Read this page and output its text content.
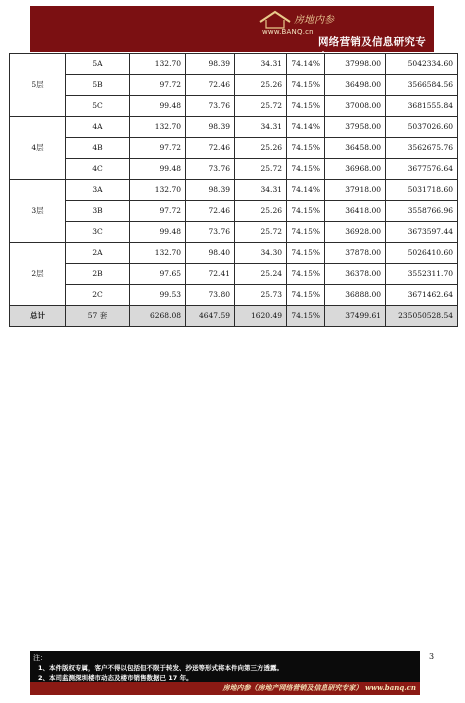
房地内参
www.BANQ.cn
网络营销及信息研究专家
5层	5A	132.70	98.39	34.31	74.14%	37998.00	5042334.60
	5B	97.72	72.46	25.26	74.15%	36498.00	3566584.56
	5C	99.48	73.76	25.72	74.15%	37008.00	3681555.84
4层	4A	132.70	98.39	34.31	74.14%	37958.00	5037026.60
	4B	97.72	72.46	25.26	74.15%	36458.00	3562675.76
	4C	99.48	73.76	25.72	74.15%	36968.00	3677576.64
3层	3A	132.70	98.39	34.31	74.14%	37918.00	5031718.60
	3B	97.72	72.46	25.26	74.15%	36418.00	3558766.96
	3C	99.48	73.76	25.72	74.15%	36928.00	3673597.44
2层	2A	132.70	98.40	34.30	74.15%	37878.00	5026410.60
	2B	97.65	72.41	25.24	74.15%	36378.00	3552311.70
	2C	99.53	73.80	25.73	74.15%	36888.00	3671462.64
总计	57 套	6268.08	4647.59	1620.49	74.15%	37499.61	235050528.54
3
注：
1、本件版权专属，客户不得以包括但不限于转发、抄送等形式将本件向第三方透露。
2、本司监测深圳楼市动态及楼市销售数据已 17 年。
房地内参（房地产网络营销及信息研究专家） www.banq.cn
